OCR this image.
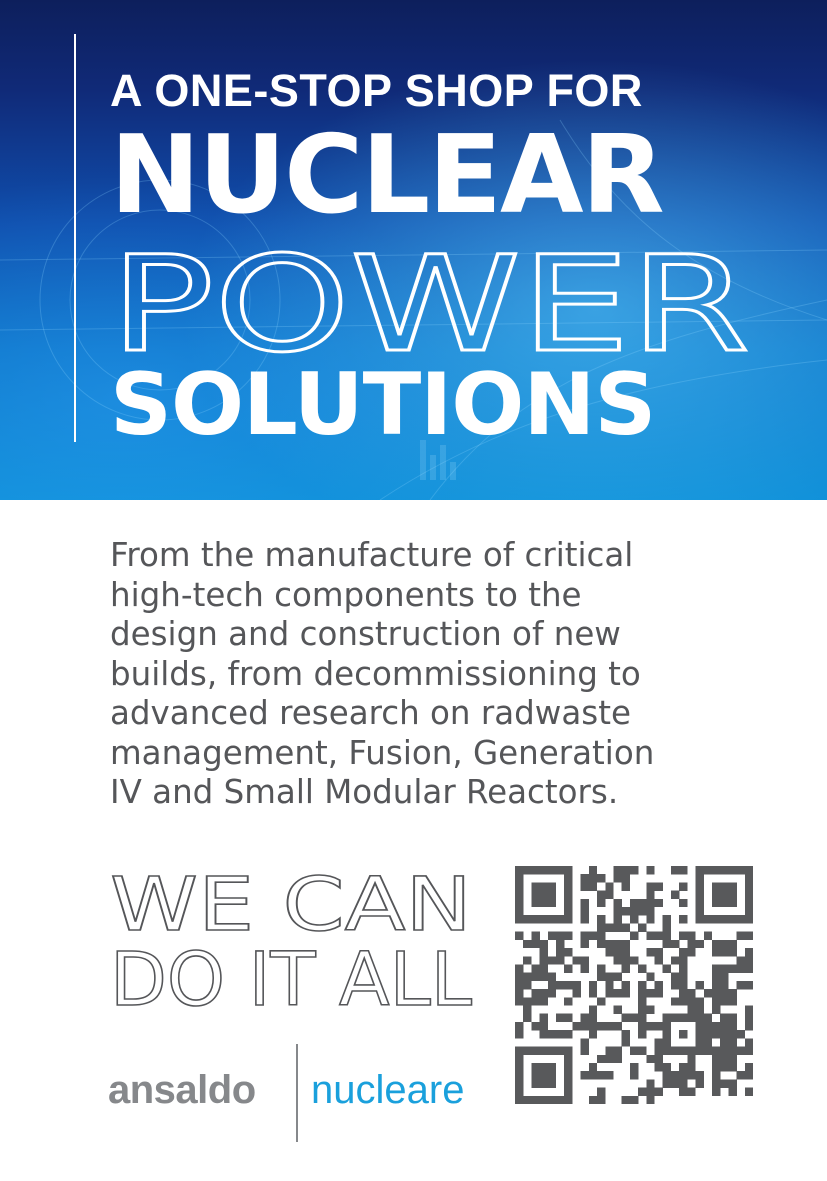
A ONE-STOP SHOP FOR
NUCLEAR
POWER
SOLUTIONS

From the manufacture of critical
high-tech components to the
design and construction of new
builds, from decommissioning to
advanced research on radwaste
management, Fusion, Generation
IV and Small Modular Reactors.

WE CAN
DO IT ALL

ansaldo nucleare
